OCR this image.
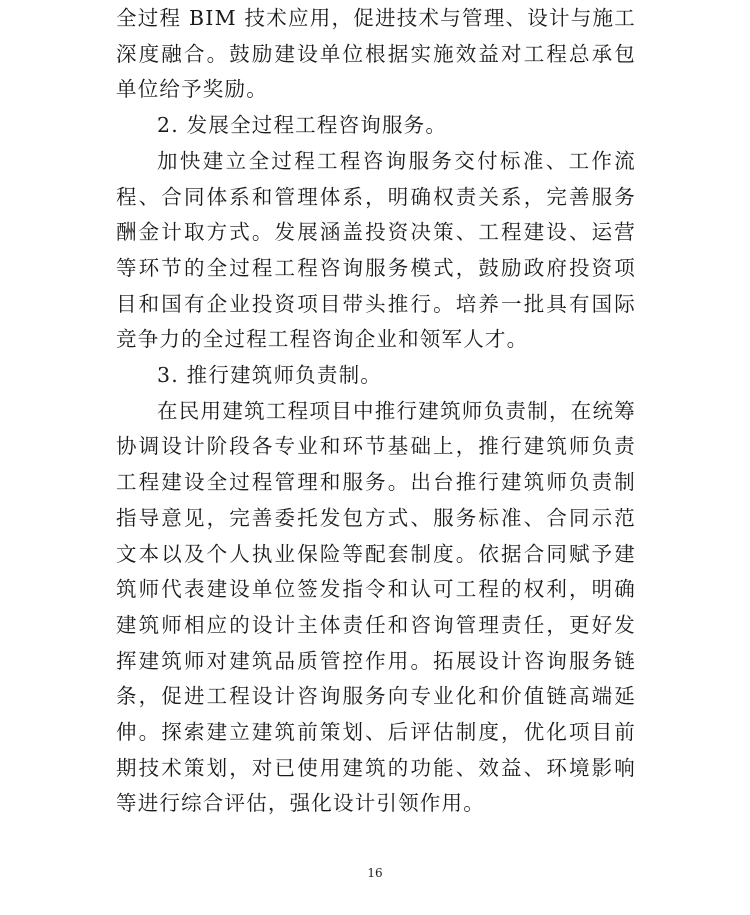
全过程 BIM 技术应用，促进技术与管理、设计与施工深度融合。鼓励建设单位根据实施效益对工程总承包单位给予奖励。

2. 发展全过程工程咨询服务。

加快建立全过程工程咨询服务交付标准、工作流程、合同体系和管理体系，明确权责关系，完善服务酬金计取方式。发展涵盖投资决策、工程建设、运营等环节的全过程工程咨询服务模式，鼓励政府投资项目和国有企业投资项目带头推行。培养一批具有国际竞争力的全过程工程咨询企业和领军人才。

3. 推行建筑师负责制。

在民用建筑工程项目中推行建筑师负责制，在统筹协调设计阶段各专业和环节基础上，推行建筑师负责工程建设全过程管理和服务。出台推行建筑师负责制指导意见，完善委托发包方式、服务标准、合同示范文本以及个人执业保险等配套制度。依据合同赋予建筑师代表建设单位签发指令和认可工程的权利，明确建筑师相应的设计主体责任和咨询管理责任，更好发挥建筑师对建筑品质管控作用。拓展设计咨询服务链条，促进工程设计咨询服务向专业化和价值链高端延伸。探索建立建筑前策划、后评估制度，优化项目前期技术策划，对已使用建筑的功能、效益、环境影响等进行综合评估，强化设计引领作用。

16
